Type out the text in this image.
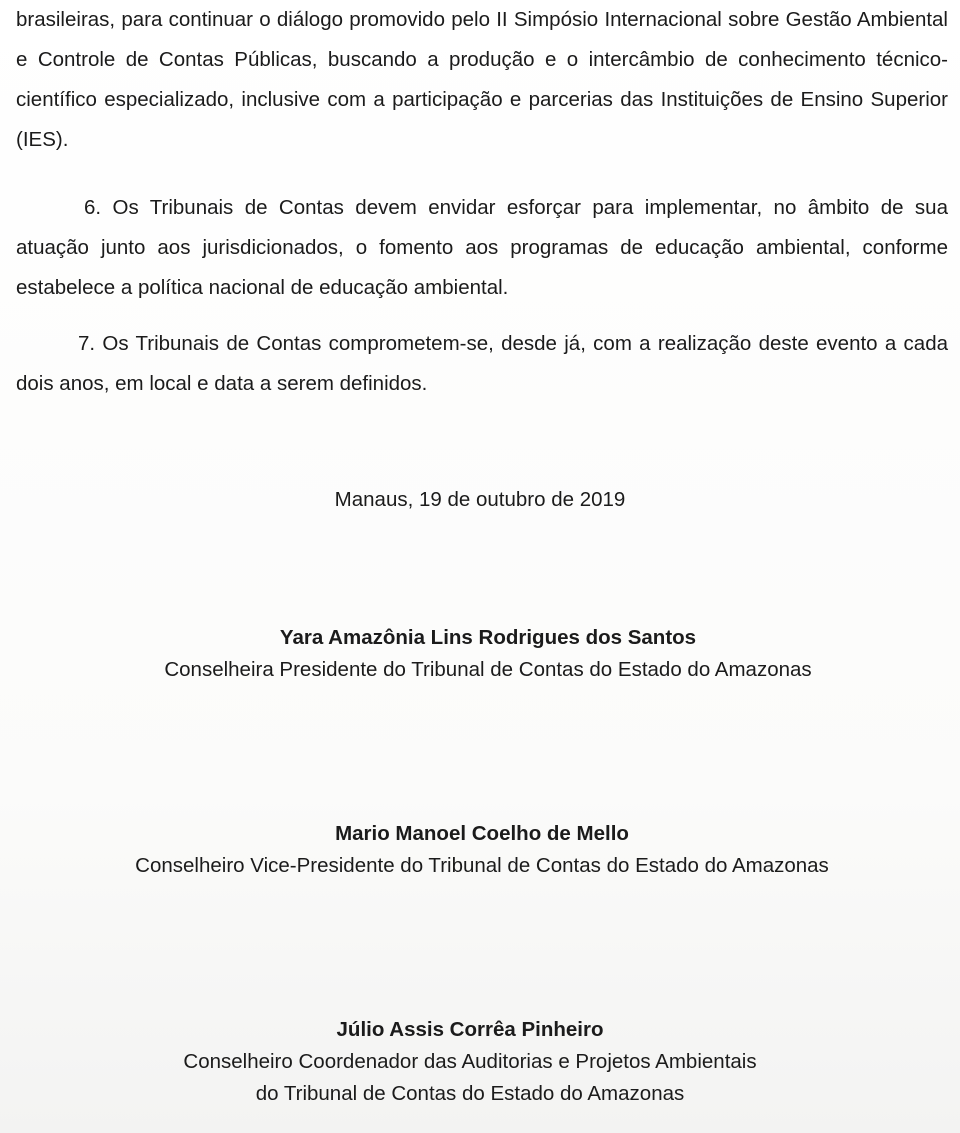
brasileiras, para continuar o diálogo promovido pelo II Simpósio Internacional sobre Gestão Ambiental e Controle de Contas Públicas, buscando a produção e o intercâmbio de conhecimento técnico-científico especializado, inclusive com a participação e parcerias das Instituições de Ensino Superior (IES).

6. Os Tribunais de Contas devem envidar esforçar para implementar, no âmbito de sua atuação junto aos jurisdicionados, o fomento aos programas de educação ambiental, conforme estabelece a política nacional de educação ambiental.

7. Os Tribunais de Contas comprometem-se, desde já, com a realização deste evento a cada dois anos, em local e data a serem definidos.

Manaus, 19 de outubro de 2019

Yara Amazônia Lins Rodrigues dos Santos
Conselheira Presidente do Tribunal de Contas do Estado do Amazonas
Mario Manoel Coelho de Mello
Conselheiro Vice-Presidente do Tribunal de Contas do Estado do Amazonas
Júlio Assis Corrêa Pinheiro
Conselheiro Coordenador das Auditorias e Projetos Ambientais
do Tribunal de Contas do Estado do Amazonas
